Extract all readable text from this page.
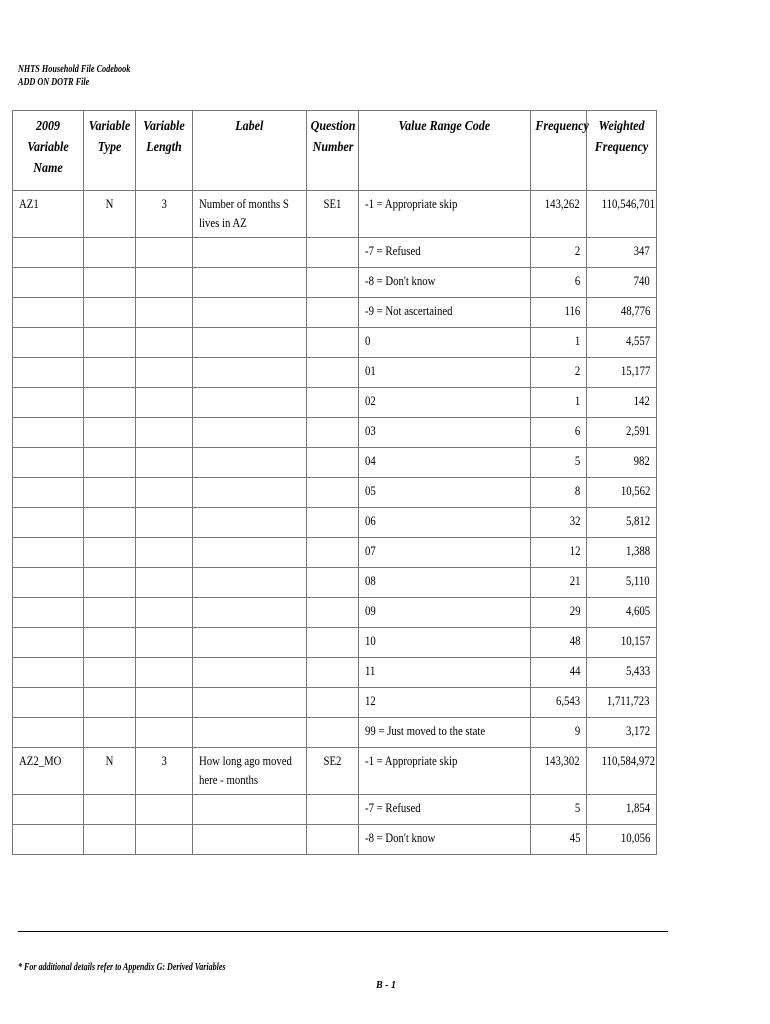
NHTS Household File Codebook
ADD ON DOTR File
2009 Variable Name	Variable Type	Variable Length	Label	Question Number	Value Range Code	Frequency	Weighted Frequency

AZ1	N	3	Number of months S lives in AZ	SE1	-1 = Appropriate skip	143,262	110,546,701

					-7 = Refused	2	347

					-8 = Don't know	6	740

					-9 = Not ascertained	116	48,776

					0	1	4,557

					01	2	15,177

					02	1	142

					03	6	2,591

					04	5	982

					05	8	10,562

					06	32	5,812

					07	12	1,388

					08	21	5,110

					09	29	4,605

					10	48	10,157

					11	44	5,433

					12	6,543	1,711,723

					99 = Just moved to the state	9	3,172

AZ2_MO	N	3	How long ago moved here - months	SE2	-1 = Appropriate skip	143,302	110,584,972

					-7 = Refused	5	1,854

					-8 = Don't know	45	10,056
* For additional details refer to Appendix G: Derived Variables
B - 1
